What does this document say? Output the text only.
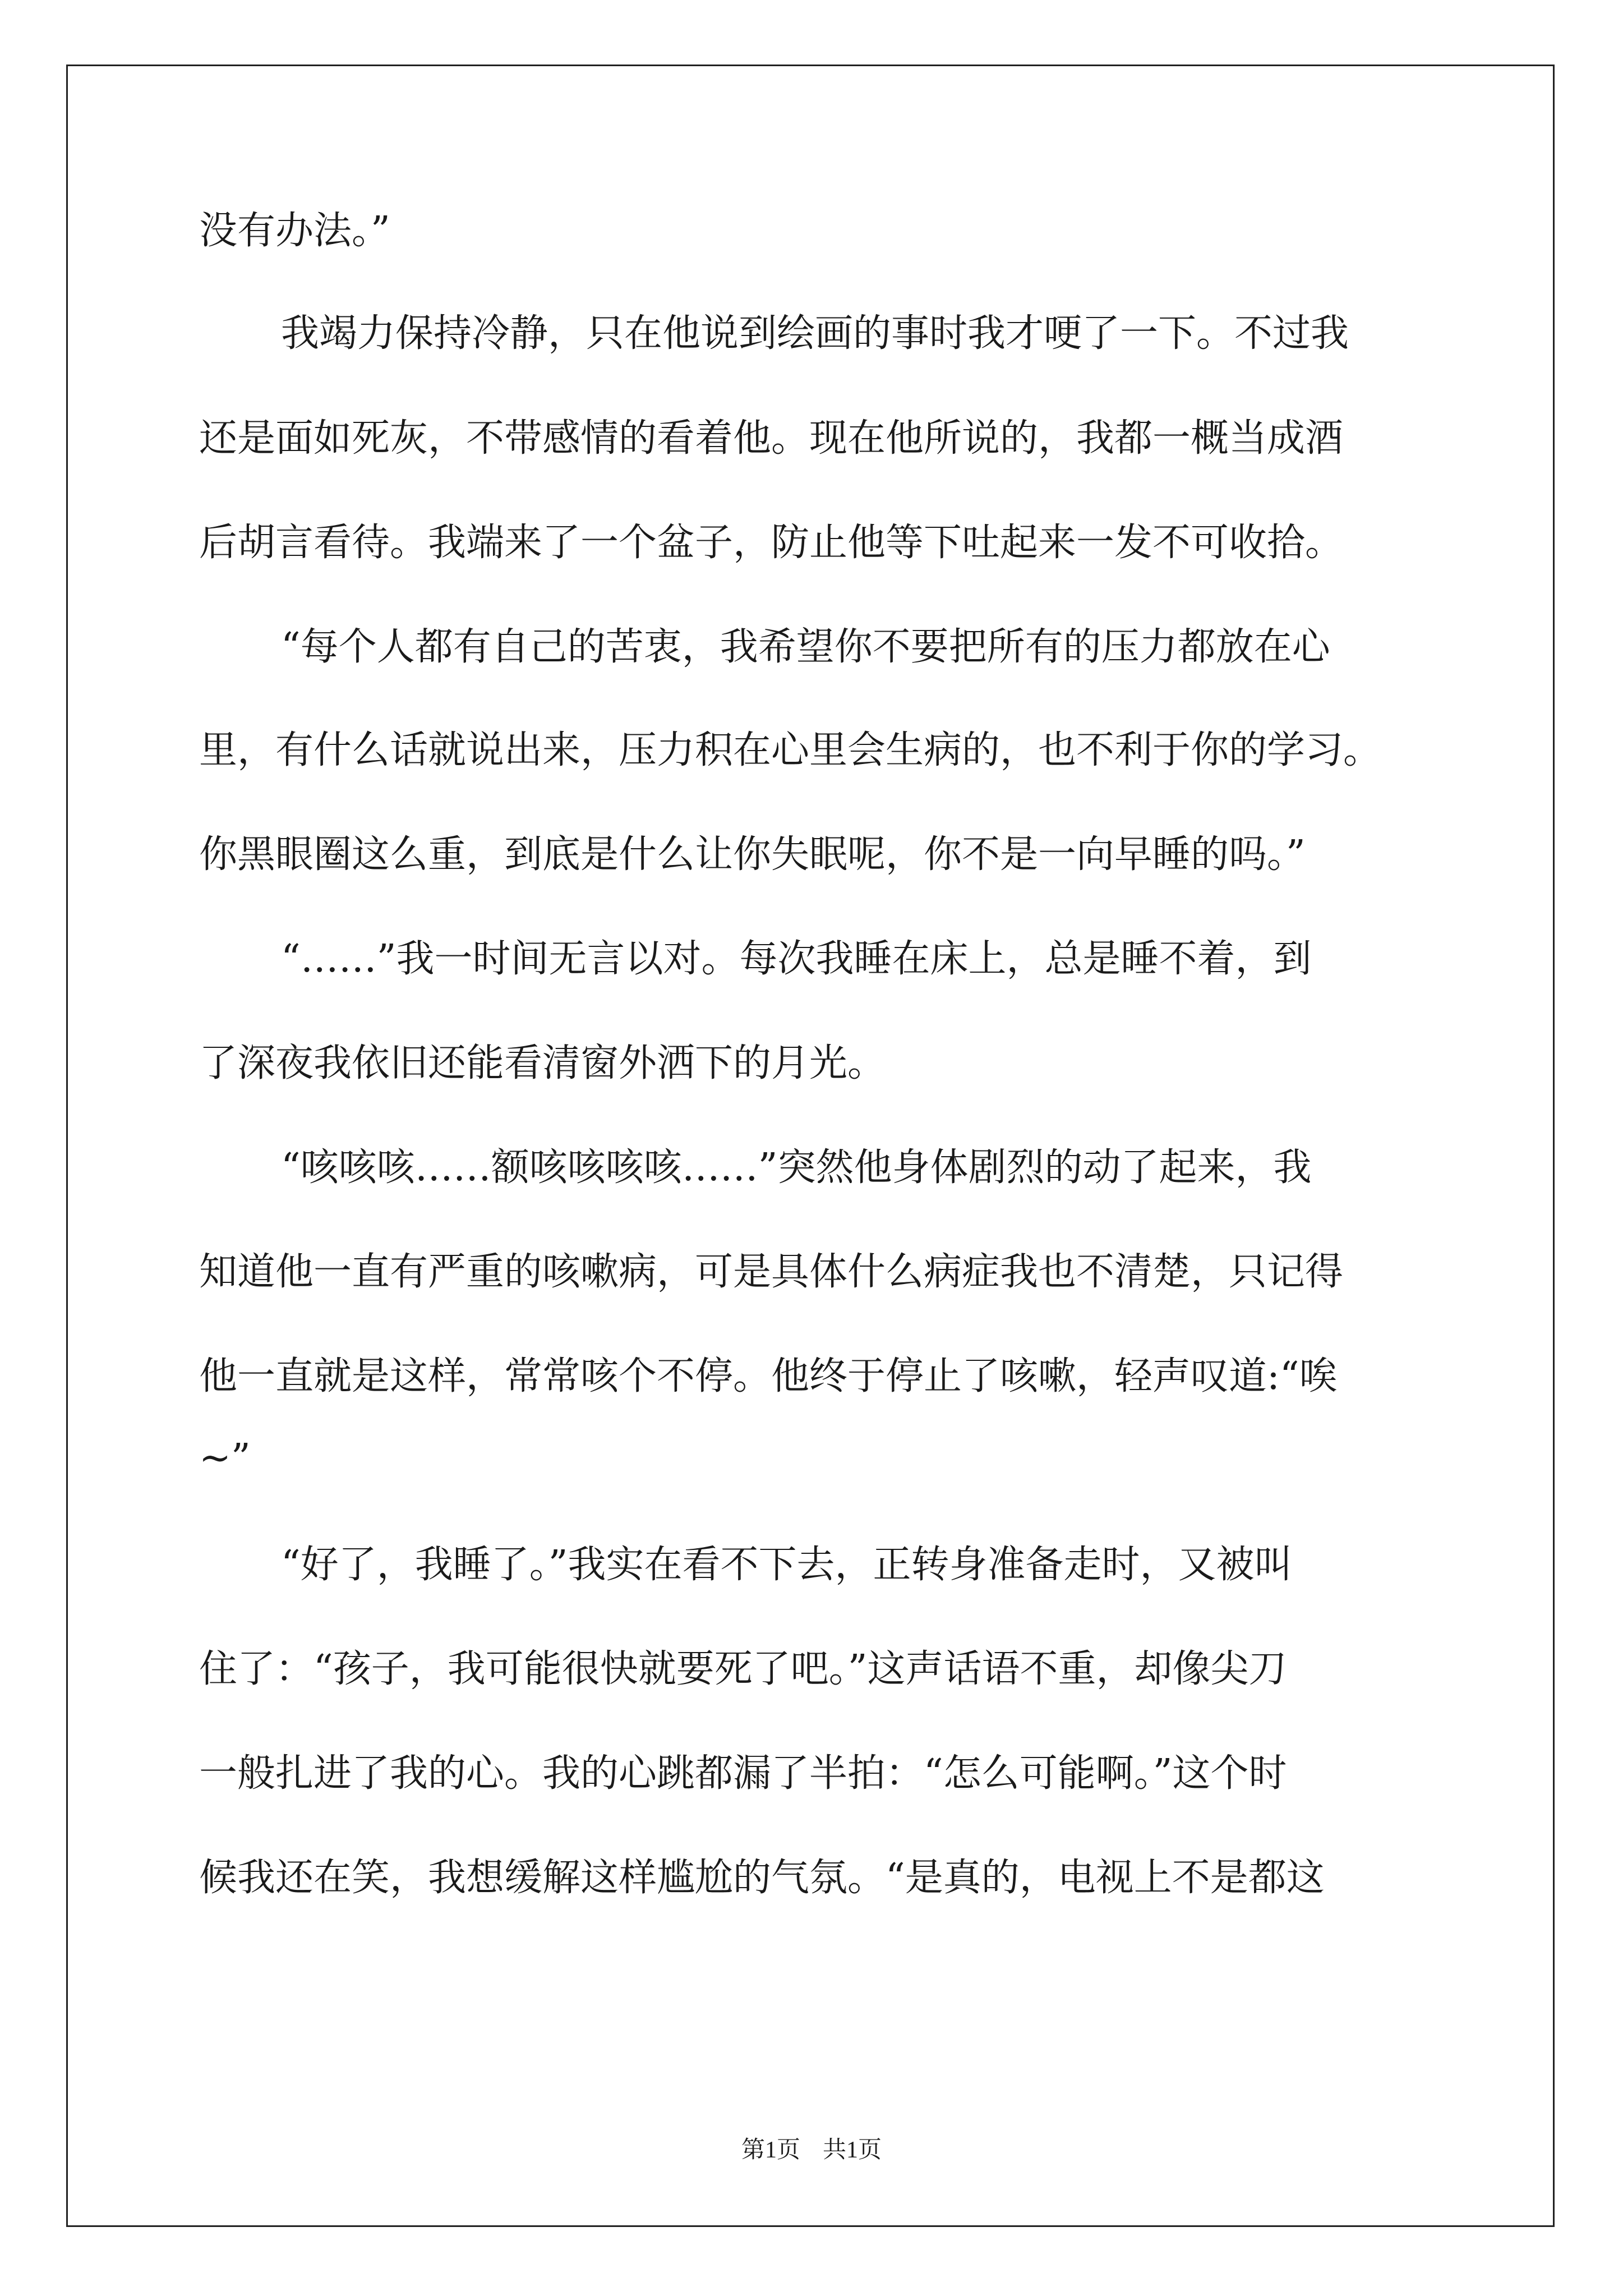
没有办法。”
我竭力保持冷静，只在他说到绘画的事时我才哽了一下。不过我
还是面如死灰，不带感情的看着他。现在他所说的，我都一概当成酒
后胡言看待。我端来了一个盆子，防止他等下吐起来一发不可收拾。
“每个人都有自己的苦衷，我希望你不要把所有的压力都放在心
里，有什么话就说出来，压力积在心里会生病的，也不利于你的学习。
你黑眼圈这么重，到底是什么让你失眠呢，你不是一向早睡的吗。”
“……”我一时间无言以对。每次我睡在床上，总是睡不着，到
了深夜我依旧还能看清窗外洒下的月光。
“咳咳咳……额咳咳咳咳……”突然他身体剧烈的动了起来，我
知道他一直有严重的咳嗽病，可是具体什么病症我也不清楚，只记得
他一直就是这样，常常咳个不停。他终于停止了咳嗽，轻声叹道:“唉
~”
“好了，我睡了。”我实在看不下去，正转身准备走时，又被叫
住了：“孩子，我可能很快就要死了吧。”这声话语不重，却像尖刀
一般扎进了我的心。我的心跳都漏了半拍：“怎么可能啊。”这个时
候我还在笑，我想缓解这样尴尬的气氛。“是真的，电视上不是都这
第1页 共1页
